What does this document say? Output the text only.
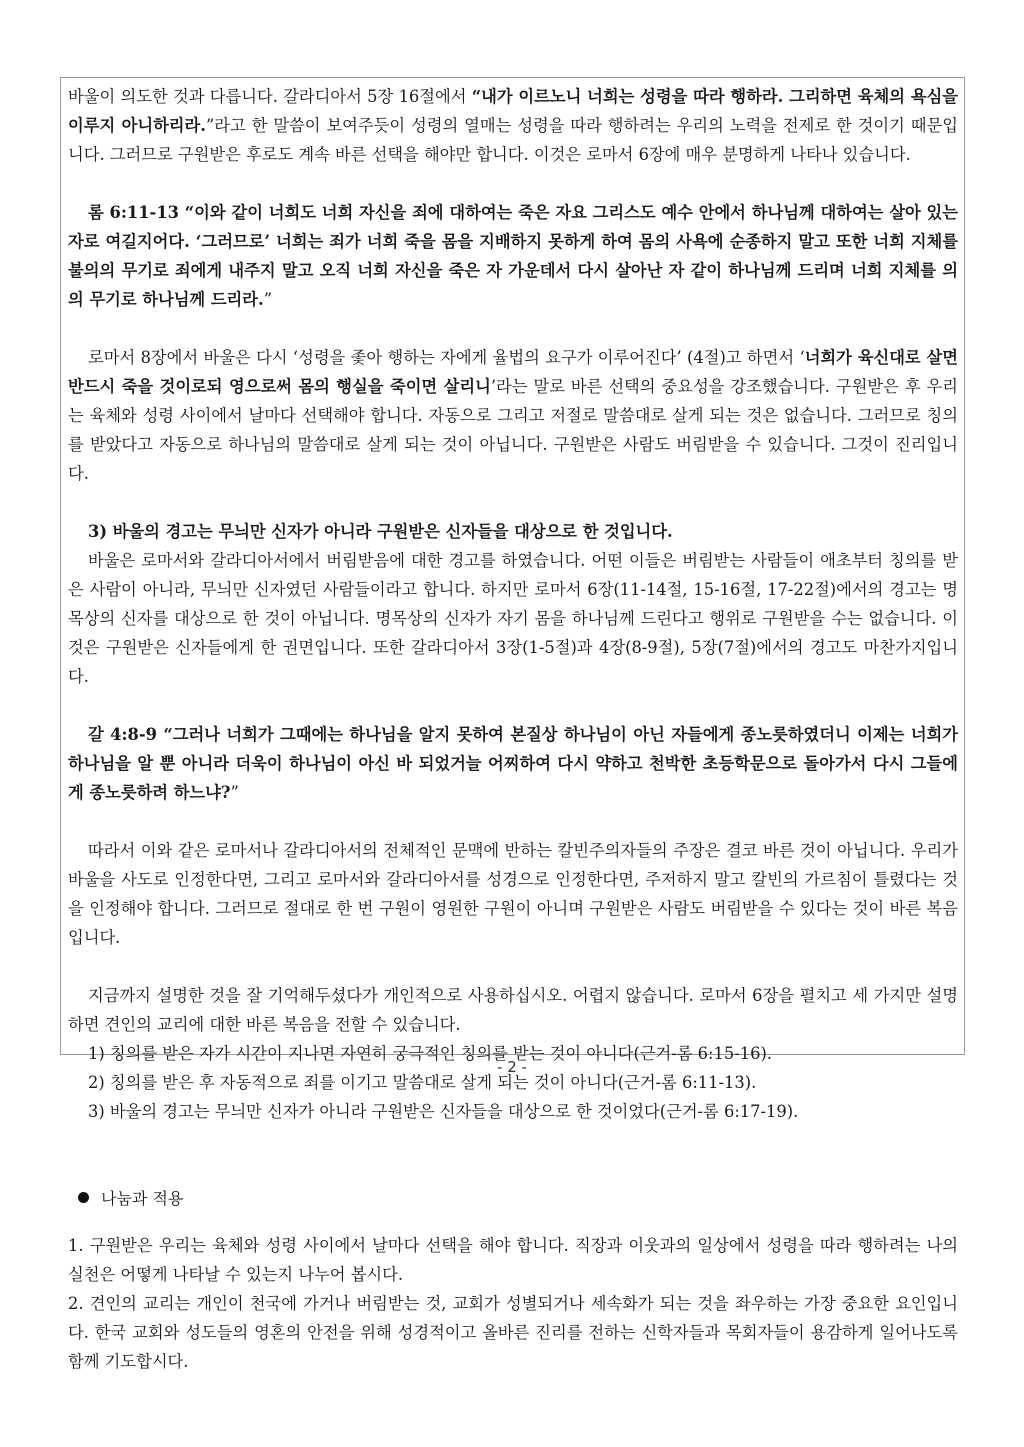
바울이 의도한 것과 다릅니다. 갈라디아서 5장 16절에서 “내가 이르노니 너희는 성령을 따라 행하라. 그리하면 육체의 욕심을 이루지 아니하리라.”라고 한 말씀이 보여주듯이 성령의 열매는 성령을 따라 행하려는 우리의 노력을 전제로 한 것이기 때문입니다. 그러므로 구원받은 후로도 계속 바른 선택을 해야만 합니다. 이것은 로마서 6장에 매우 분명하게 나타나 있습니다.

롬 6:11-13 “이와 같이 너희도 너희 자신을 죄에 대하여는 죽은 자요 그리스도 예수 안에서 하나님께 대하여는 살아 있는 자로 여길지어다. ‘그러므로’ 너희는 죄가 너희 죽을 몸을 지배하지 못하게 하여 몸의 사욕에 순종하지 말고 또한 너희 지체를 불의의 무기로 죄에게 내주지 말고 오직 너희 자신을 죽은 자 가운데서 다시 살아난 자 같이 하나님께 드리며 너희 지체를 의의 무기로 하나님께 드리라.”

로마서 8장에서 바울은 다시 ‘성령을 좇아 행하는 자에게 율법의 요구가 이루어진다’ (4절)고 하면서 ‘너희가 육신대로 살면 반드시 죽을 것이로되 영으로써 몸의 행실을 죽이면 살리니’라는 말로 바른 선택의 중요성을 강조했습니다. 구원받은 후 우리는 육체와 성령 사이에서 날마다 선택해야 합니다. 자동으로 그리고 저절로 말씀대로 살게 되는 것은 없습니다. 그러므로 칭의를 받았다고 자동으로 하나님의 말씀대로 살게 되는 것이 아닙니다. 구원받은 사람도 버림받을 수 있습니다. 그것이 진리입니다.

3) 바울의 경고는 무늬만 신자가 아니라 구원받은 신자들을 대상으로 한 것입니다.

바울은 로마서와 갈라디아서에서 버림받음에 대한 경고를 하였습니다. 어떤 이들은 버림받는 사람들이 애초부터 칭의를 받은 사람이 아니라, 무늬만 신자였던 사람들이라고 합니다. 하지만 로마서 6장(11-14절, 15-16절, 17-22절)에서의 경고는 명목상의 신자를 대상으로 한 것이 아닙니다. 명목상의 신자가 자기 몸을 하나님께 드린다고 행위로 구원받을 수는 없습니다. 이것은 구원받은 신자들에게 한 권면입니다. 또한 갈라디아서 3장(1-5절)과 4장(8-9절), 5장(7절)에서의 경고도 마찬가지입니다.

갈 4:8-9 “그러나 너희가 그때에는 하나님을 알지 못하여 본질상 하나님이 아닌 자들에게 종노릇하였더니 이제는 너희가 하나님을 알 뿐 아니라 더욱이 하나님이 아신 바 되었거늘 어찌하여 다시 약하고 천박한 초등학문으로 돌아가서 다시 그들에게 종노릇하려 하느냐?”

따라서 이와 같은 로마서나 갈라디아서의 전체적인 문맥에 반하는 칼빈주의자들의 주장은 결코 바른 것이 아닙니다. 우리가 바울을 사도로 인정한다면, 그리고 로마서와 갈라디아서를 성경으로 인정한다면, 주저하지 말고 칼빈의 가르침이 틀렸다는 것을 인정해야 합니다. 그러므로 절대로 한 번 구원이 영원한 구원이 아니며 구원받은 사람도 버림받을 수 있다는 것이 바른 복음입니다.

지금까지 설명한 것을 잘 기억해두셨다가 개인적으로 사용하십시오. 어렵지 않습니다. 로마서 6장을 펼치고 세 가지만 설명하면 견인의 교리에 대한 바른 복음을 전할 수 있습니다.

1) 칭의를 받은 자가 시간이 지나면 자연히 궁극적인 칭의를 받는 것이 아니다(근거-롬 6:15-16).

2) 칭의를 받은 후 자동적으로 죄를 이기고 말씀대로 살게 되는 것이 아니다(근거-롬 6:11-13).

3) 바울의 경고는 무늬만 신자가 아니라 구원받은 신자들을 대상으로 한 것이었다(근거-롬 6:17-19).

나눔과 적용

1. 구원받은 우리는 육체와 성령 사이에서 날마다 선택을 해야 합니다. 직장과 이웃과의 일상에서 성령을 따라 행하려는 나의 실천은 어떻게 나타날 수 있는지 나누어 봅시다.

2. 견인의 교리는 개인이 천국에 가거나 버림받는 것, 교회가 성별되거나 세속화가 되는 것을 좌우하는 가장 중요한 요인입니다. 한국 교회와 성도들의 영혼의 안전을 위해 성경적이고 올바른 진리를 전하는 신학자들과 목회자들이 용감하게 일어나도록 함께 기도합시다.

- 2 -
